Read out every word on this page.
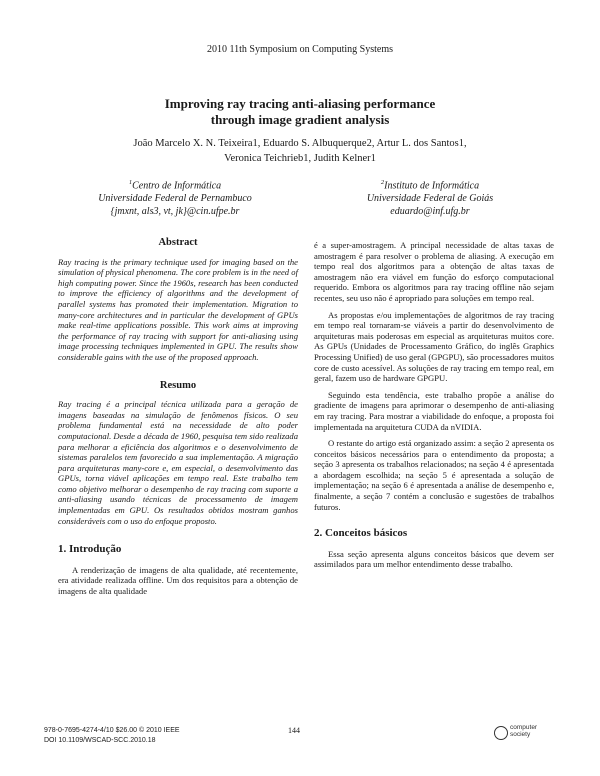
2010 11th Symposium on Computing Systems
Improving ray tracing anti-aliasing performance
through image gradient analysis
João Marcelo X. N. Teixeira1, Eduardo S. Albuquerque2, Artur L. dos Santos1,
Veronica Teichrieb1, Judith Kelner1
$^1$Centro de Informática
Universidade Federal de Pernambuco
{jmxnt, als3, vt, jk}@cin.ufpe.br
$^2$Instituto de Informática
Universidade Federal de Goiás
eduardo@inf.ufg.br
Abstract

Ray tracing is the primary technique used for imaging based on the simulation of physical phenomena. The core problem is in the need of high computing power. Since the 1960s, research has been conducted to improve the efficiency of algorithms and the development of parallel systems has promoted their implementation. Migration to many-core architectures and in particular the development of GPUs make real-time applications possible. This work aims at improving the performance of ray tracing with support for anti-aliasing using image processing techniques implemented in GPU. The results show considerable gains with the use of the proposed approach.

Resumo

Ray tracing é a principal técnica utilizada para a geração de imagens baseadas na simulação de fenômenos físicos. O seu problema fundamental está na necessidade de alto poder computacional. Desde a década de 1960, pesquisa tem sido realizada para melhorar a eficiência dos algoritmos e o desenvolvimento de sistemas paralelos tem favorecido a sua implementação. A migração para arquiteturas many-core e, em especial, o desenvolvimento das GPUs, torna viável aplicações em tempo real. Este trabalho tem como objetivo melhorar o desempenho de ray tracing com suporte a anti-aliasing usando técnicas de processamento de imagem implementadas em GPU. Os resultados obtidos mostram ganhos consideráveis com o uso do enfoque proposto.

1. Introdução

A renderização de imagens de alta qualidade, até recentemente, era atividade realizada offline. Um dos requisitos para a obtenção de imagens de alta qualidade

é a super-amostragem. A principal necessidade de altas taxas de amostragem é para resolver o problema de aliasing. A execução em tempo real dos algoritmos para a obtenção de altas taxas de amostragem não era viável em função do esforço computacional requerido. Embora os algoritmos para ray tracing offline não sejam recentes, seu uso não é apropriado para soluções em tempo real.

As propostas e/ou implementações de algoritmos de ray tracing em tempo real tornaram-se viáveis a partir do desenvolvimento de arquiteturas mais poderosas em especial as arquiteturas muitos core. As GPUs (Unidades de Processamento Gráfico, do inglês Graphics Processing Unified) de uso geral (GPGPU), são processadores muitos core de custo acessível. As soluções de ray tracing em tempo real, em geral, fazem uso de hardware GPGPU.

Seguindo esta tendência, este trabalho propõe a análise do gradiente de imagens para aprimorar o desempenho de anti-aliasing em ray tracing. Para mostrar a viabilidade do enfoque, a proposta foi implementada na arquitetura CUDA da nVIDIA.

O restante do artigo está organizado assim: a seção 2 apresenta os conceitos básicos necessários para o entendimento da proposta; a seção 3 apresenta os trabalhos relacionados; na seção 4 é apresentada a abordagem escolhida; na seção 5 é apresentada a solução de implementação; na seção 6 é apresentada a análise de desempenho e, finalmente, a seção 7 contém a conclusão e sugestões de trabalhos futuros.

2. Conceitos básicos

Essa seção apresenta alguns conceitos básicos que devem ser assimilados para um melhor entendimento desse trabalho.

978-0-7695-4274-4/10 $26.00 © 2010 IEEE
DOI 10.1109/WSCAD-SCC.2010.18
144	computer
society
